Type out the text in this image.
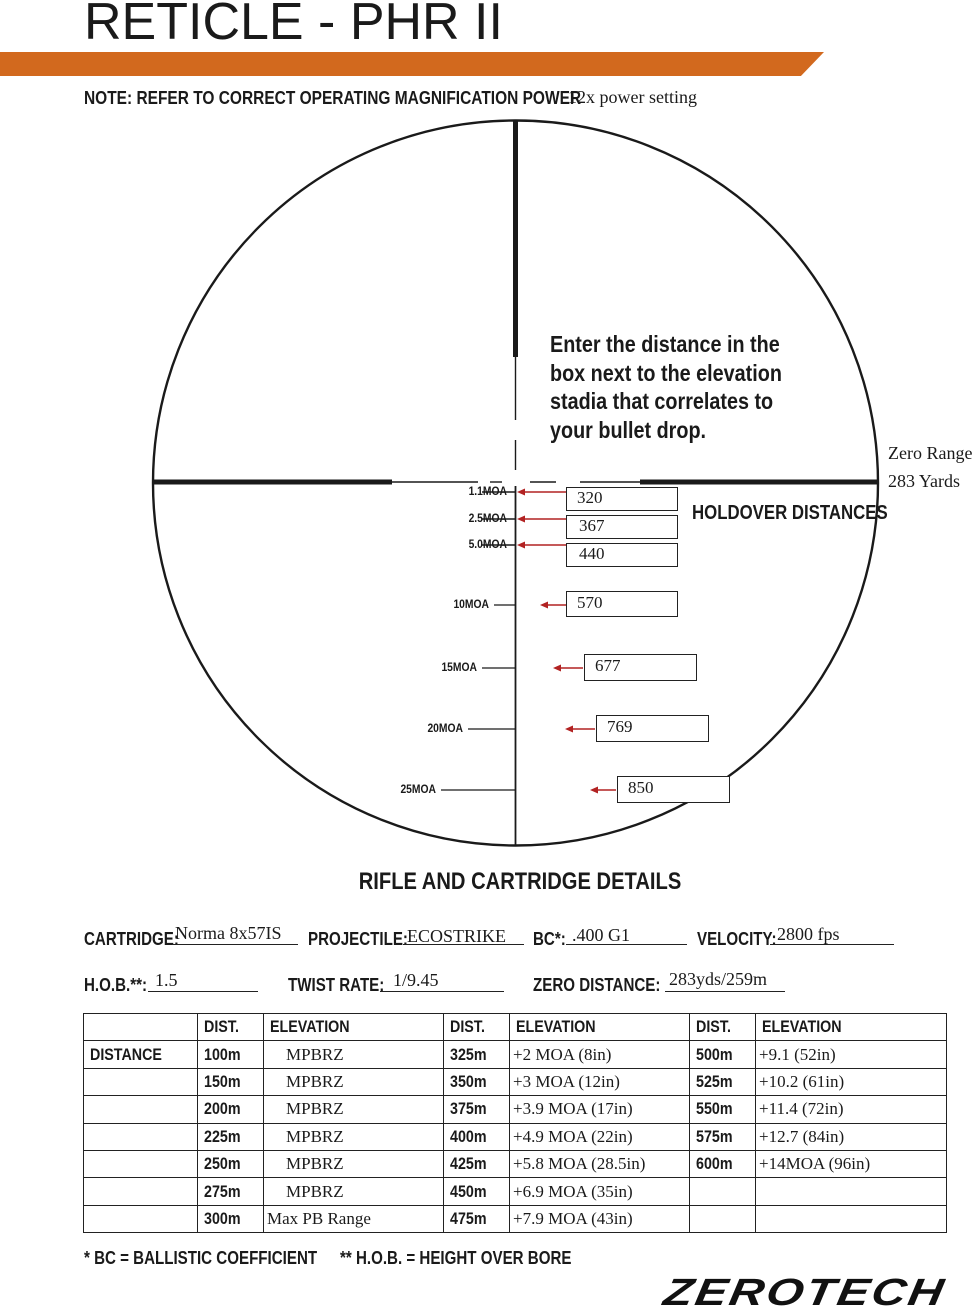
RETICLE - PHR II
NOTE: REFER TO CORRECT OPERATING MAGNIFICATION POWER
12x power setting
Enter the distance in the
box next to the elevation
stadia that correlates to
your bullet drop.
Zero Range
283 Yards
HOLDOVER DISTANCES
1.1MOA	320
2.5MOA	367
5.0MOA	440
10MOA	570
15MOA	677
20MOA	769
25MOA	850
RIFLE AND CARTRIDGE DETAILS
CARTRIDGE:
Norma 8x57IS PROJECTILE: ECOSTRIKE BC*: .400 G1	VELOCITY: 2800 fps
H.O.B.**: 1.5	TWIST RATE: 1/9.45	ZERO DISTANCE: 283yds/259m
	DIST.	ELEVATION	DIST.	ELEVATION	DIST.	ELEVATION
DISTANCE	100m	MPBRZ	325m	+2 MOA (8in)	500m	+9.1 (52in)
	150m	MPBRZ	350m	+3 MOA (12in)	525m	+10.2 (61in)
	200m	MPBRZ	375m	+3.9 MOA (17in)	550m	+11.4 (72in)
	225m	MPBRZ	400m	+4.9 MOA (22in)	575m	+12.7 (84in)
	250m	MPBRZ	425m	+5.8 MOA (28.5in)	600m	+14MOA (96in)
	275m	MPBRZ	450m	+6.9 MOA (35in)		
	300m	Max PB Range	475m	+7.9 MOA (43in)		
* BC = BALLISTIC COEFFICIENT ** H.O.B. = HEIGHT OVER BORE
ZEROTECH
